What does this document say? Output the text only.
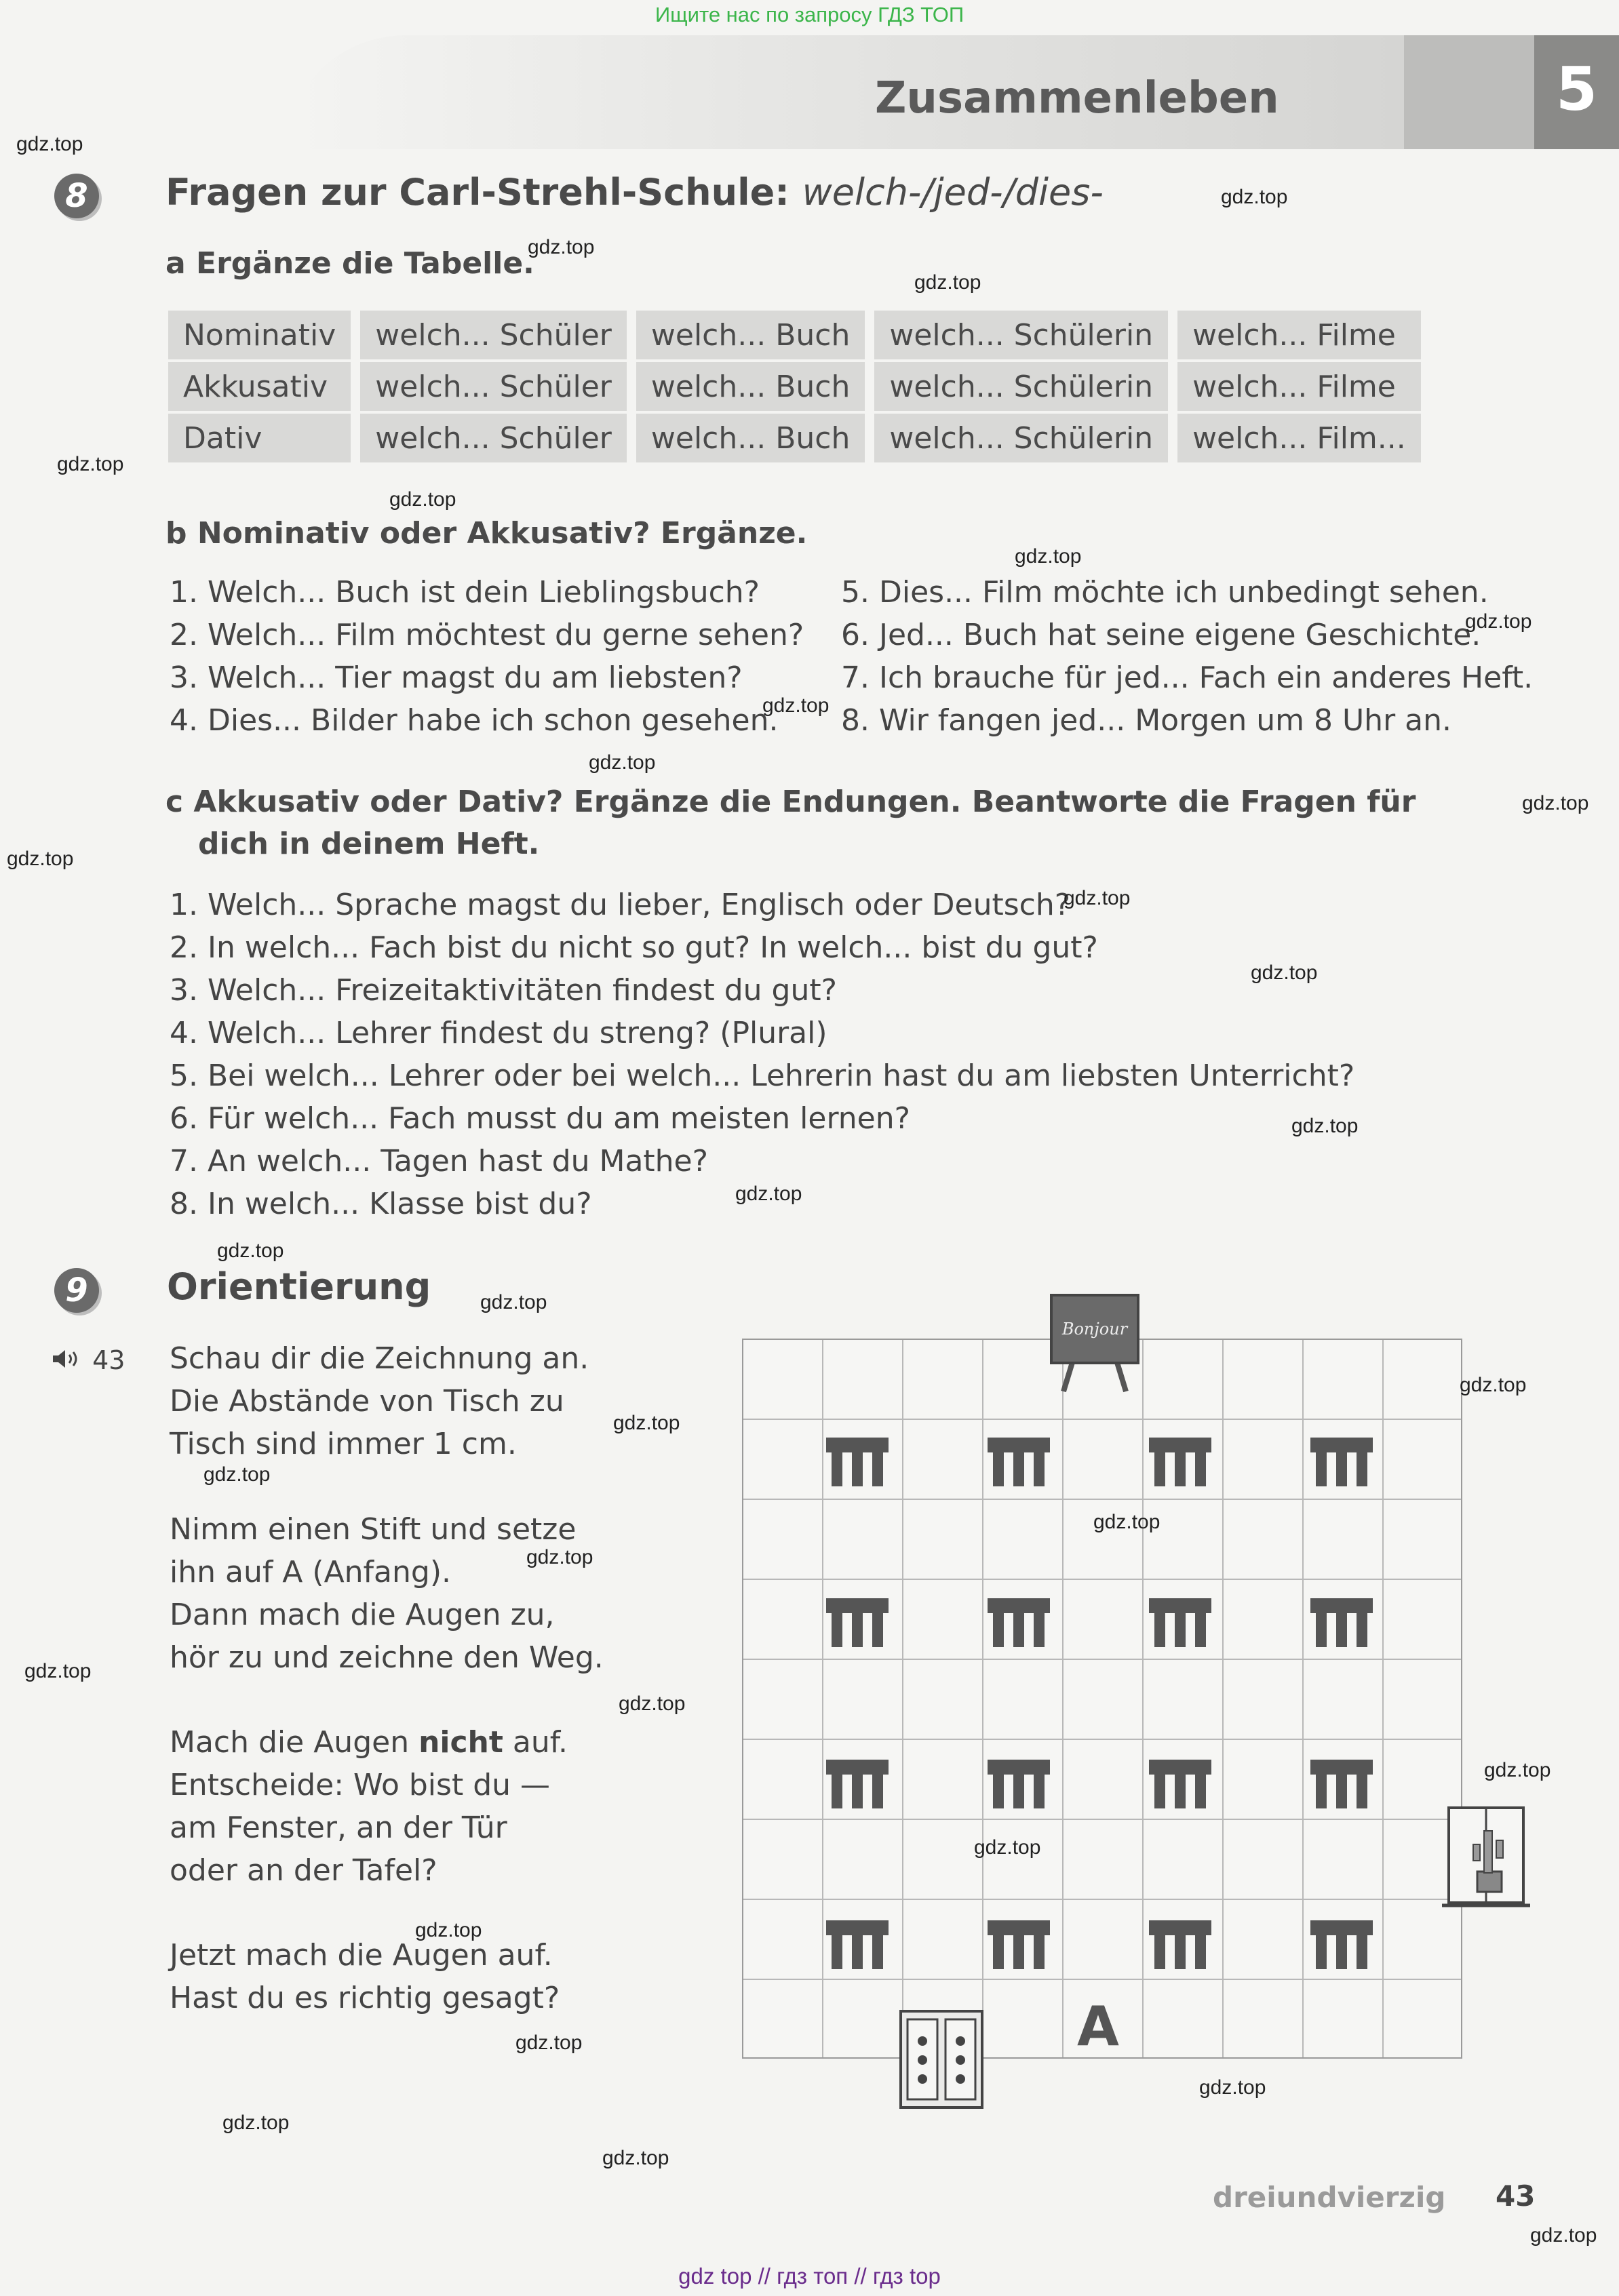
Ищите нас по запросу ГДЗ ТОП
5
Zusammenleben
8	Fragen zur Carl-Strehl-Schule: welch-/jed-/dies-
a Ergänze die Tabelle.
Nominativ	welch... Schüler	welch... Buch	welch... Schülerin	welch... Filme
Akkusativ	welch... Schüler	welch... Buch	welch... Schülerin	welch... Filme
Dativ	welch... Schüler	welch... Buch	welch... Schülerin	welch... Film...
b Nominativ oder Akkusativ? Ergänze.
1. Welch... Buch ist dein Lieblingsbuch?
2. Welch... Film möchtest du gerne sehen?
3. Welch... Tier magst du am liebsten?
4. Dies... Bilder habe ich schon gesehen.
5. Dies... Film möchte ich unbedingt sehen.
6. Jed... Buch hat seine eigene Geschichte.
7. Ich brauche für jed... Fach ein anderes Heft.
8. Wir fangen jed... Morgen um 8 Uhr an.
c Akkusativ oder Dativ? Ergänze die Endungen. Beantworte die Fragen für
dich in deinem Heft.
1. Welch... Sprache magst du lieber, Englisch oder Deutsch?
2. In welch... Fach bist du nicht so gut? In welch... bist du gut?
3. Welch... Freizeitaktivitäten findest du gut?
4. Welch... Lehrer findest du streng? (Plural)
5. Bei welch... Lehrer oder bei welch... Lehrerin hast du am liebsten Unterricht?
6. Für welch... Fach musst du am meisten lernen?
7. An welch... Tagen hast du Mathe?
8. In welch... Klasse bist du?
9	Orientierung
43 Schau dir die Zeichnung an.
Die Abstände von Tisch zu
Tisch sind immer 1 cm.
Nimm einen Stift und setze
ihn auf A (Anfang).
Dann mach die Augen zu,
hör zu und zeichne den Weg.
Mach die Augen nicht auf.
Entscheide: Wo bist du —
am Fenster, an der Tür
oder an der Tafel?
Jetzt mach die Augen auf.
Hast du es richtig gesagt?
Bonjour
A
gdz.top
gdz.top
gdz.top
gdz.top
gdz.top
gdz.top
gdz.top
gdz.top
gdz.top
gdz.top
gdz.top
gdz.top
gdz.top
gdz.top
gdz.top
gdz.top
gdz.top
gdz.top
gdz.top
gdz.top
gdz.top
gdz.top
gdz.top
gdz.top
gdz.top
gdz.top
gdz.top
gdz.top
gdz.top
gdz.top
gdz.top
gdz.top
gdz.top
dreiundvierzig 43
gdz top // гдз топ // гдз top
